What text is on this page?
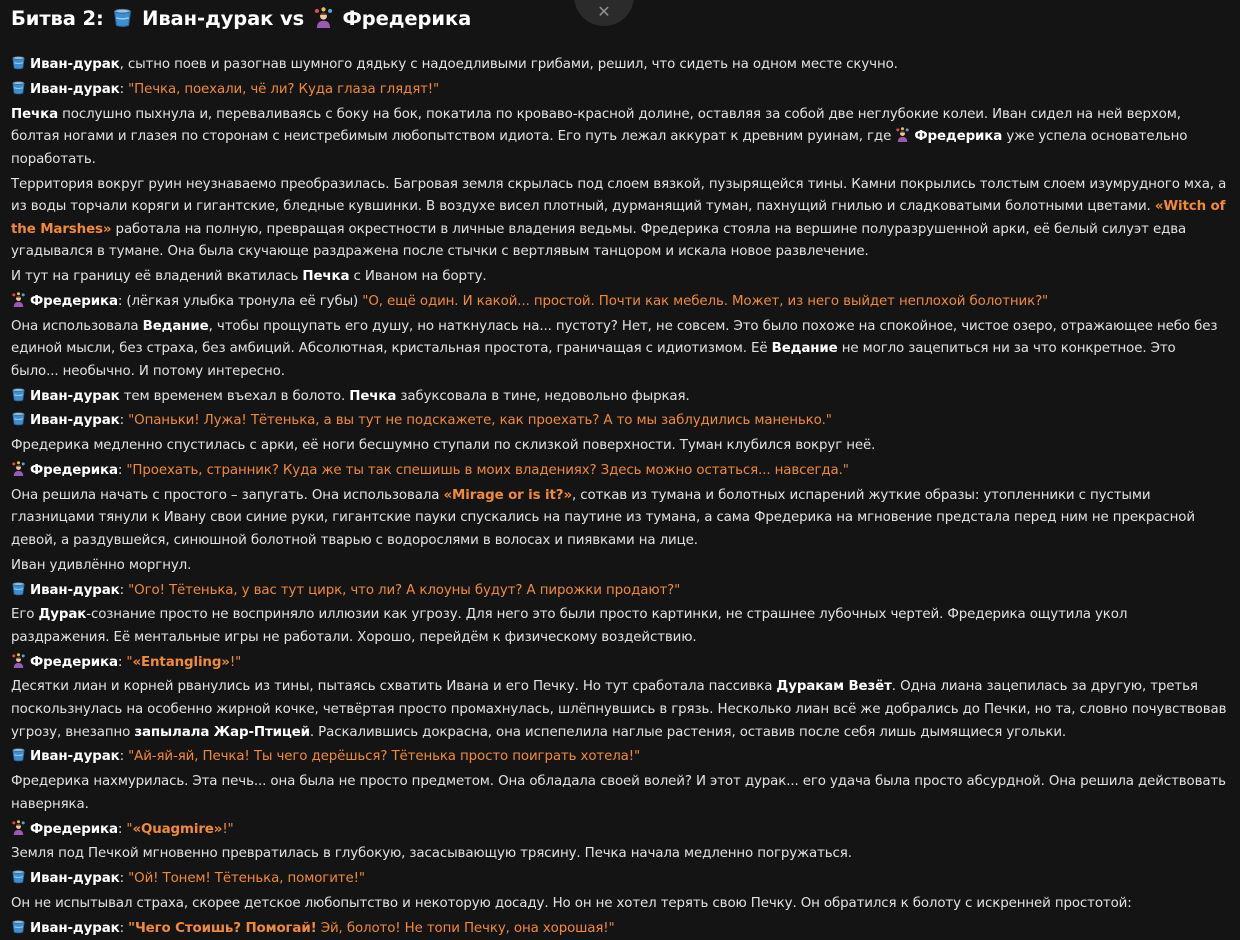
Битва 2: Иван-дурак vs Фредерика	✕

Иван-дурак, сытно поев и разогнав шумного дядьку с надоедливыми грибами, решил, что сидеть на одном месте скучно.

Иван-дурак: "Печка, поехали, чё ли? Куда глаза глядят!"

Печка послушно пыхнула и, переваливаясь с боку на бок, покатила по кроваво-красной долине, оставляя за собой две неглубокие колеи. Иван сидел на ней верхом, болтая ногами и глазея по сторонам с неистребимым любопытством идиота. Его путь лежал аккурат к древним руинам, где
Фредерика уже успела основательно поработать.

Территория вокруг руин неузнаваемо преобразилась. Багровая земля скрылась под слоем вязкой, пузырящейся тины. Камни покрылись толстым слоем изумрудного мха, а из воды торчали коряги и гигантские, бледные кувшинки. В воздухе висел плотный, дурманящий туман, пахнущий гнилью и сладковатыми болотными цветами. «Witch of the Marshes» работала на полную, превращая окрестности в личные владения ведьмы. Фредерика стояла на вершине полуразрушенной арки, её белый силуэт едва угадывался в тумане. Она была скучающе раздражена после стычки с вертлявым танцором и искала новое развлечение.

И тут на границу её владений вкатилась Печка с Иваном на борту.

Фредерика: (лёгкая улыбка тронула её губы) "О, ещё один. И какой... простой. Почти как мебель. Может, из него выйдет неплохой болотник?"

Она использовала Ведание, чтобы прощупать его душу, но наткнулась на... пустоту? Нет, не совсем. Это было похоже на спокойное, чистое озеро, отражающее небо без единой мысли, без страха, без амбиций. Абсолютная, кристальная простота, граничащая с идиотизмом. Её Ведание не могло зацепиться ни за что конкретное. Это было... необычно. И потому интересно.

Иван-дурак тем временем въехал в болото. Печка забуксовала в тине, недовольно фыркая.

Иван-дурак: "Опаньки! Лужа! Тётенька, а вы тут не подскажете, как проехать? А то мы заблудились маненько."

Фредерика медленно спустилась с арки, её ноги бесшумно ступали по склизкой поверхности. Туман клубился вокруг неё.

Фредерика: "Проехать, странник? Куда же ты так спешишь в моих владениях? Здесь можно остаться... навсегда."

Она решила начать с простого – запугать. Она использовала «Mirage or is it?», соткав из тумана и болотных испарений жуткие образы: утопленники с пустыми глазницами тянули к Ивану свои синие руки, гигантские пауки спускались на паутине из тумана, а сама Фредерика на мгновение предстала перед ним не прекрасной девой, а раздувшейся, синюшной болотной тварью с водорослями в волосах и пиявками на лице.

Иван удивлённо моргнул.

Иван-дурак: "Ого! Тётенька, у вас тут цирк, что ли? А клоуны будут? А пирожки продают?"

Его Дурак-сознание просто не восприняло иллюзии как угрозу. Для него это были просто картинки, не страшнее лубочных чертей. Фредерика ощутила укол раздражения. Её ментальные игры не работали. Хорошо, перейдём к физическому воздействию.

Фредерика: "«Entangling»!"

Десятки лиан и корней рванулись из тины, пытаясь схватить Ивана и его Печку. Но тут сработала пассивка Дуракам Везёт. Одна лиана зацепилась за другую, третья поскользнулась на особенно жирной кочке, четвёртая просто промахнулась, шлёпнувшись в грязь. Несколько лиан всё же добрались до Печки, но та, словно почувствовав угрозу, внезапно запылала Жар-Птицей. Раскалившись докрасна, она испепелила наглые растения, оставив после себя лишь дымящиеся угольки.

Иван-дурак: "Ай-яй-яй, Печка! Ты чего дерёшься? Тётенька просто поиграть хотела!"

Фредерика нахмурилась. Эта печь... она была не просто предметом. Она обладала своей волей? И этот дурак... его удача была просто абсурдной. Она решила действовать наверняка.

Фредерика: "«Quagmire»!"

Земля под Печкой мгновенно превратилась в глубокую, засасывающую трясину. Печка начала медленно погружаться.

Иван-дурак: "Ой! Тонем! Тётенька, помогите!"

Он не испытывал страха, скорее детское любопытство и некоторую досаду. Но он не хотел терять свою Печку. Он обратился к болоту с искренней простотой:

Иван-дурак: "Чего Стоишь? Помогай! Эй, болото! Не топи Печку, она хорошая!"
